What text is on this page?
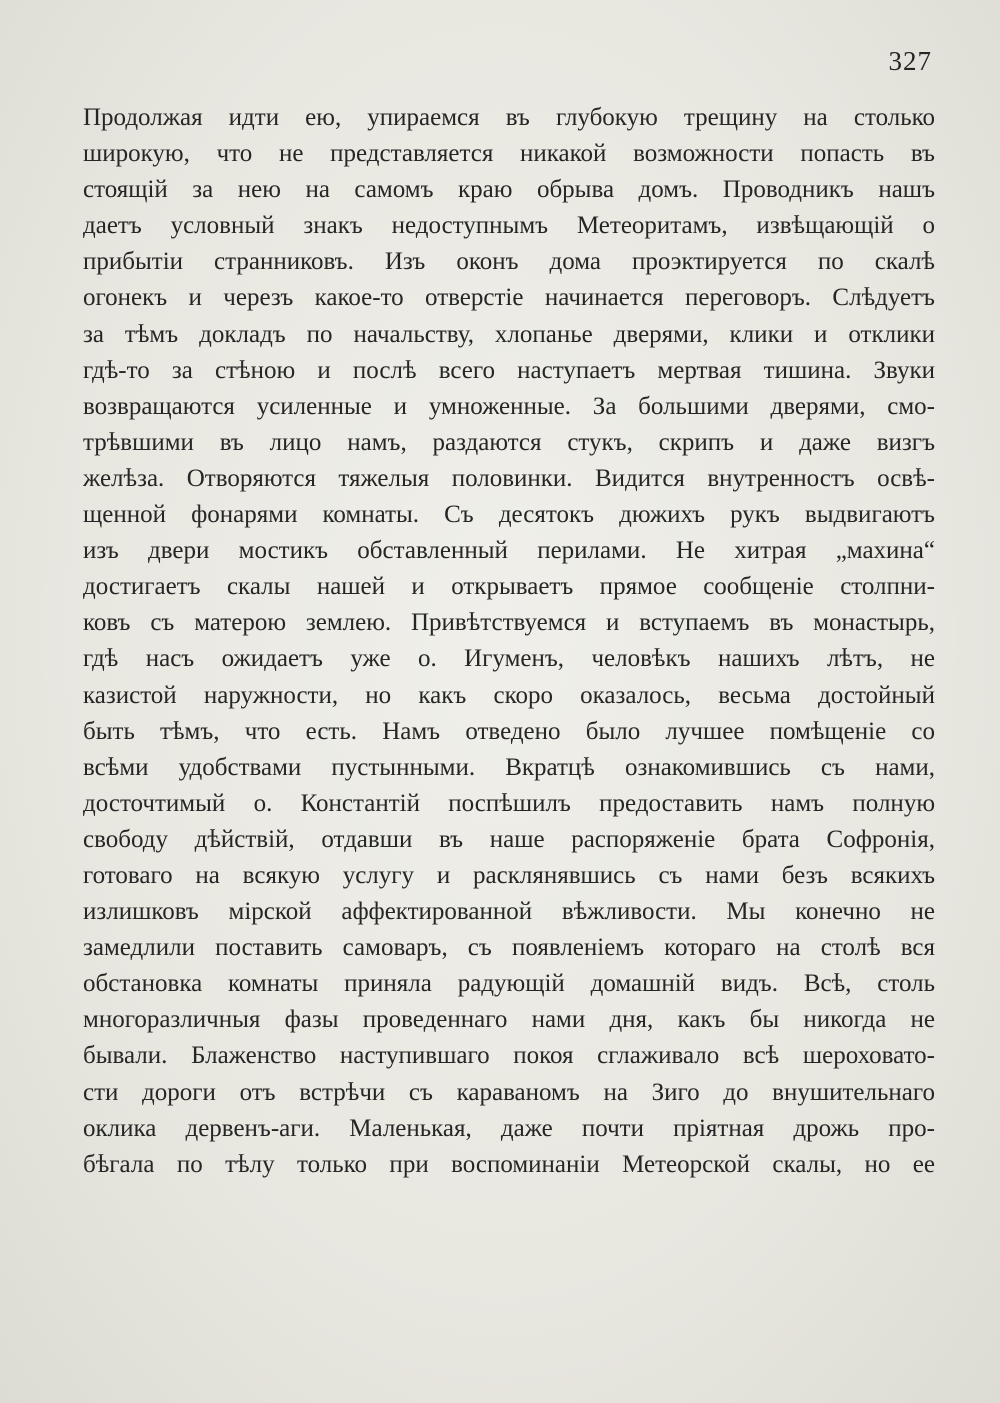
327
Продолжая идти ею, упираемся въ глубокую трещину на столько
широкую, что не представляется никакой возможности попасть въ
стоящій за нею на самомъ краю обрыва домъ. Проводникъ нашъ
даетъ условный знакъ недоступнымъ Метеоритамъ, извѣщающій о
прибытіи странниковъ. Изъ оконъ дома проэктируется по скалѣ
огонекъ и черезъ какое-то отверстіе начинается переговоръ. Слѣдуетъ
за тѣмъ докладъ по начальству, хлопанье дверями, клики и отклики
гдѣ-то за стѣною и послѣ всего наступаетъ мертвая тишина. Звуки
возвращаются усиленные и умноженные. За большими дверями, смо-
трѣвшими въ лицо намъ, раздаются стукъ, скрипъ и даже визгъ
желѣза. Отворяются тяжелыя половинки. Видится внутренностъ освѣ-
щенной фонарями комнаты. Съ десятокъ дюжихъ рукъ выдвигаютъ
изъ двери мостикъ обставленный перилами. Не хитрая „махина“
достигаетъ скалы нашей и открываетъ прямое сообщеніе столпни-
ковъ съ матерою землею. Привѣтствуемся и вступаемъ въ монастырь,
гдѣ насъ ожидаетъ уже о. Игуменъ, человѣкъ нашихъ лѣтъ, не
казистой наружности, но какъ скоро оказалось, весьма достойный
быть тѣмъ, что есть. Намъ отведено было лучшее помѣщеніе со
всѣми удобствами пустынными. Вкратцѣ ознакомившись съ нами,
досточтимый о. Константій поспѣшилъ предоставить намъ полную
свободу дѣйствій, отдавши въ наше распоряженіе брата Софронія,
готоваго на всякую услугу и расклянявшись съ нами безъ всякихъ
излишковъ мірской аффектированной вѣжливости. Мы конечно не
замедлили поставить самоваръ, съ появленіемъ котораго на столѣ вся
обстановка комнаты приняла радующій домашній видъ. Всѣ, столь
многоразличныя фазы проведеннаго нами дня, какъ бы никогда не
бывали. Блаженство наступившаго покоя сглаживало всѣ шероховато-
сти дороги отъ встрѣчи съ караваномъ на Зиго до внушительнаго
оклика дервенъ-аги. Маленькая, даже почти пріятная дрожь про-
бѣгала по тѣлу только при воспоминаніи Метеорской скалы, но ее
